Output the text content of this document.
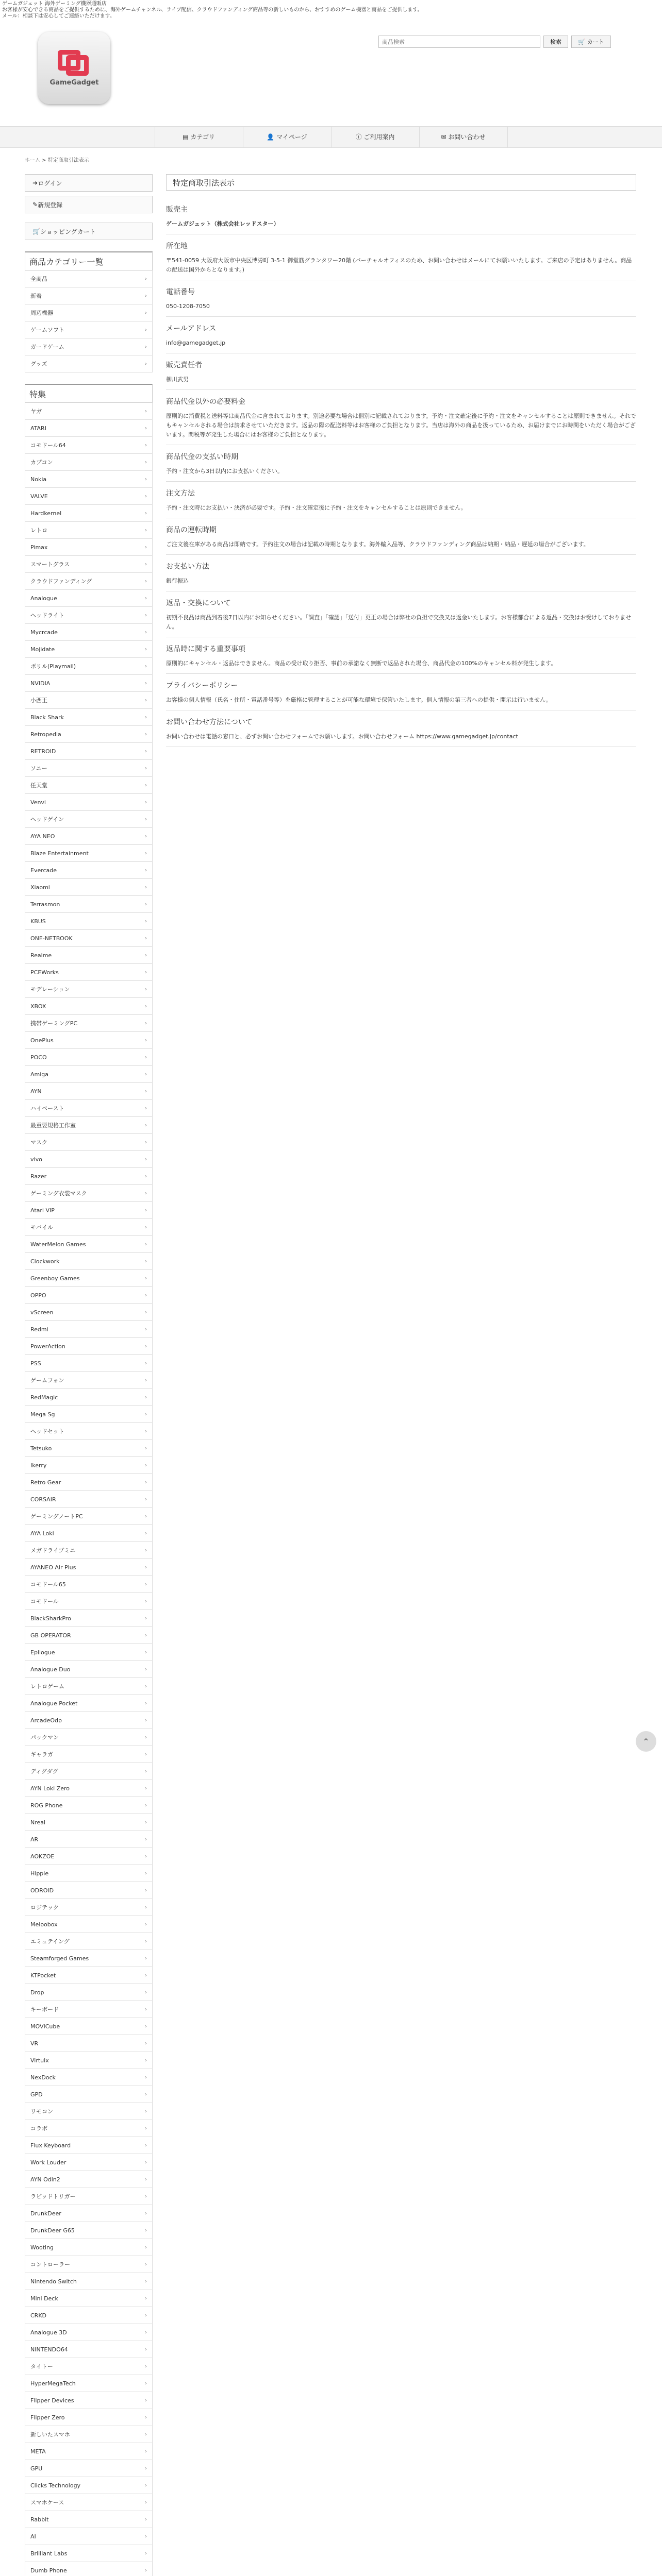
ゲームガジェット 海外ゲーミング機器通販店
お客様が安心できる商品をご提供するために、海外ゲームチャンネル、ライブ配信、クラウドファンディング商品等の新しいものから、おすすめのゲーム機器と商品をご提供します。
メール：相談下は安心してご連絡いただけます。
GameGadget
商品検索
検索	🛒 カート
▤ カテゴリ	👤 マイページ	ⓘ ご利用案内	✉ お問い合わせ
ホーム > 特定商取引法表示
➜ ログイン
✎ 新規登録
🛒 ショッピングカート
商品カテゴリー一覧
全商品	›
新着	›
周辺機器	›
ゲームソフト	›
ガードゲーム	›
グッズ	›
特集
ヤガ	›
ATARI	›
コモドール64	›
カプコン	›
Nokia	›
VALVE	›
Hardkernel	›
レトロ	›
Pimax	›
スマートグラス	›
クラウドファンディング	›
Analogue	›
ヘッドライト	›
Mycrcade	›
Mojidate	›
ボリル(Playmail)	›
NVIDIA	›
小西王	›
Black Shark	›
Retropedia	›
RETROID	›
ソニー	›
任天堂	›
Venvi	›
ヘッドゲイン	›
AYA NEO	›
Blaze Entertainment	›
Evercade	›
Xiaomi	›
Terrasmon	›
KBUS	›
ONE-NETBOOK	›
Realme	›
PCEWorks	›
モデレーション	›
XBOX	›
携帯ゲーミングPC	›
OnePlus	›
POCO	›
Amiga	›
AYN	›
ハイベースト	›
最重要規格工作室	›
マスク	›
vivo	›
Razer	›
ゲーミング衣装マスク	›
Atari VIP	›
モバイル	›
WaterMelon Games	›
Clockwork	›
Greenboy Games	›
OPPO	›
vScreen	›
Redmi	›
PowerAction	›
PSS	›
ゲームフォン	›
RedMagic	›
Mega Sg	›
ヘッドセット	›
Tetsuko	›
Ikerry	›
Retro Gear	›
CORSAIR	›
ゲーミングノートPC	›
AYA Loki	›
メガドライブミニ	›
AYANEO Air Plus	›
コモドール65	›
コモドール	›
BlackSharkPro	›
GB OPERATOR	›
Epilogue	›
Analogue Duo	›
レトロゲーム	›
Analogue Pocket	›
ArcadeOdp	›
パックマン	›
ギャラガ	›
ディグダグ	›
AYN Loki Zero	›
ROG Phone	›
Nreal	›
AR	›
AOKZOE	›
Hippie	›
ODROID	›
ロジテック	›
Meloobox	›
エミュテイング	›
Steamforged Games	›
KTPocket	›
Drop	›
キーボード	›
MOVICube	›
VR	›
Virtuix	›
NexDock	›
GPD	›
リモコン	›
コラボ	›
Flux Keyboard	›
Work Louder	›
AYN Odin2	›
ラピッドトリガー	›
DrunkDeer	›
DrunkDeer G65	›
Wooting	›
コントローラー	›
Nintendo Switch	›
Mini Deck	›
CRKD	›
Analogue 3D	›
NINTENDO64	›
タイトー	›
HyperMegaTech	›
Flipper Devices	›
Flipper Zero	›
新しいたスマホ	›
META	›
GPU	›
Clicks Technology	›
スマホケース	›
Rabbit	›
AI	›
Brilliant Labs	›
Dumb Phone	›
特定商取引法表示
販売主

ゲームガジェット（株式会社レッドスター）

所在地

〒541-0059 大阪府大阪市中央区博労町 3-5-1 御堂筋グランタワー20階 (バーチャルオフィスのため、お問い合わせはメールにてお願いいたします。ご来店の予定はありません。商品の配送は国外からとなります。)

電話番号

050-1208-7050

メールアドレス

info@gamegadget.jp

販売責任者

柳川武男

商品代金以外の必要料金

原則的に消費税と送料等は商品代金に含まれております。別途必要な場合は個別に記載されております。予約・注文確定後に予約・注文をキャンセルすることは原則できません。それでもキャンセルされる場合は請求させていただきます。返品の際の配送料等はお客様のご負担となります。当店は海外の商品を扱っているため、お届けまでにお時間をいただく場合がございます。関税等が発生した場合にはお客様のご負担となります。

商品代金の支払い時期

予約・注文から3日以内にお支払いください。

注文方法

予約・注文時にお支払い・決済が必要です。予約・注文確定後に予約・注文をキャンセルすることは原則できません。

商品の運転時期

ご注文後在庫がある商品は即納です。予約注文の場合は記載の時期となります。海外輸入品等、クラウドファンディング商品は納期・納品・遅延の場合がございます。

お支払い方法

銀行振込

返品・交換について

初期不良品は商品到着後7日以内にお知らせください。「調査」「確認」「送付」更正の場合は弊社の負担で交換又は返金いたします。お客様都合による返品・交換はお受けしておりません。

返品時に関する重要事項

原則的にキャンセル・返品はできません。商品の受け取り拒否、事前の承諾なく無断で返品された場合、商品代金の100%のキャンセル料が発生します。

プライバシーポリシー

お客様の個人情報（氏名・住所・電話番号等）を厳格に管理することが可能な環境で保管いたします。個人情報の第三者への提供・開示は行いません。

お問い合わせ方法について

お問い合わせは電話の窓口と、必ずお問い合わせフォームでお願いします。お問い合わせフォーム https://www.gamegadget.jp/contact

⌃
